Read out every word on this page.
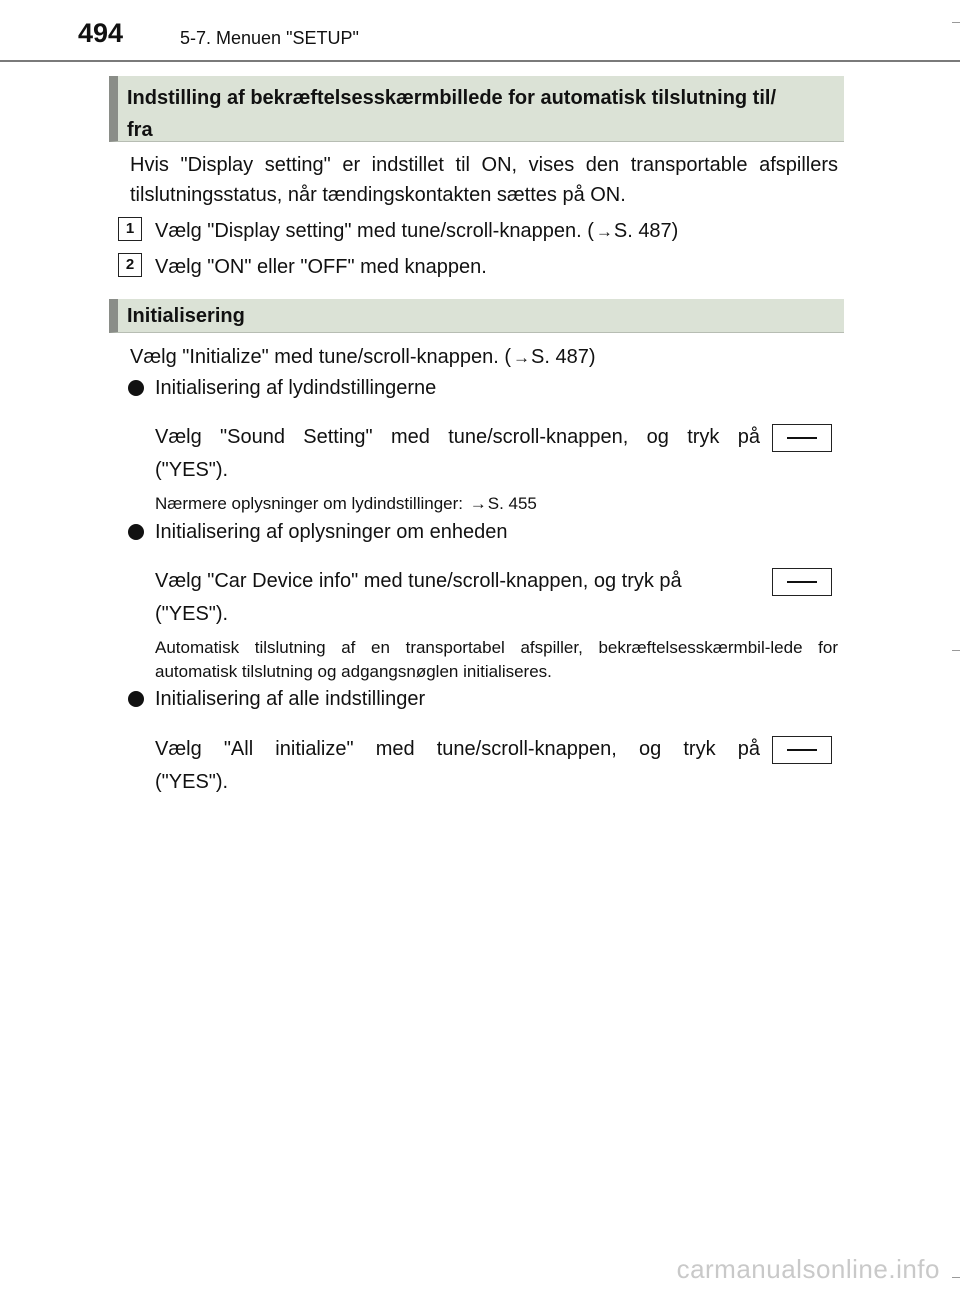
494	5-7. Menuen "SETUP"
Indstilling af bekræftelsesskærmbillede for automatisk tilslutning til/
fra
Hvis "Display setting" er indstillet til ON, vises den transportable afspillers tilslutningsstatus, når tændingskontakten sættes på ON.
1	Vælg "Display setting" med tune/scroll-knappen. ( →S. 487)
2	Vælg "ON" eller "OFF" med knappen.
Initialisering
Vælg "Initialize" med tune/scroll-knappen. ( →S. 487)
Initialisering af lydindstillingerne
Vælg "Sound Setting" med tune/scroll-knappen, og tryk på
("YES").
Nærmere oplysninger om lydindstillinger: →S. 455
Initialisering af oplysninger om enheden
Vælg "Car Device info" med tune/scroll-knappen, og tryk på
("YES").
Automatisk tilslutning af en transportabel afspiller, bekræftelsesskærmbil-lede for automatisk tilslutning og adgangsnøglen initialiseres.
Initialisering af alle indstillinger
Vælg "All initialize" med tune/scroll-knappen, og tryk på
("YES").
carmanualsonline.info
